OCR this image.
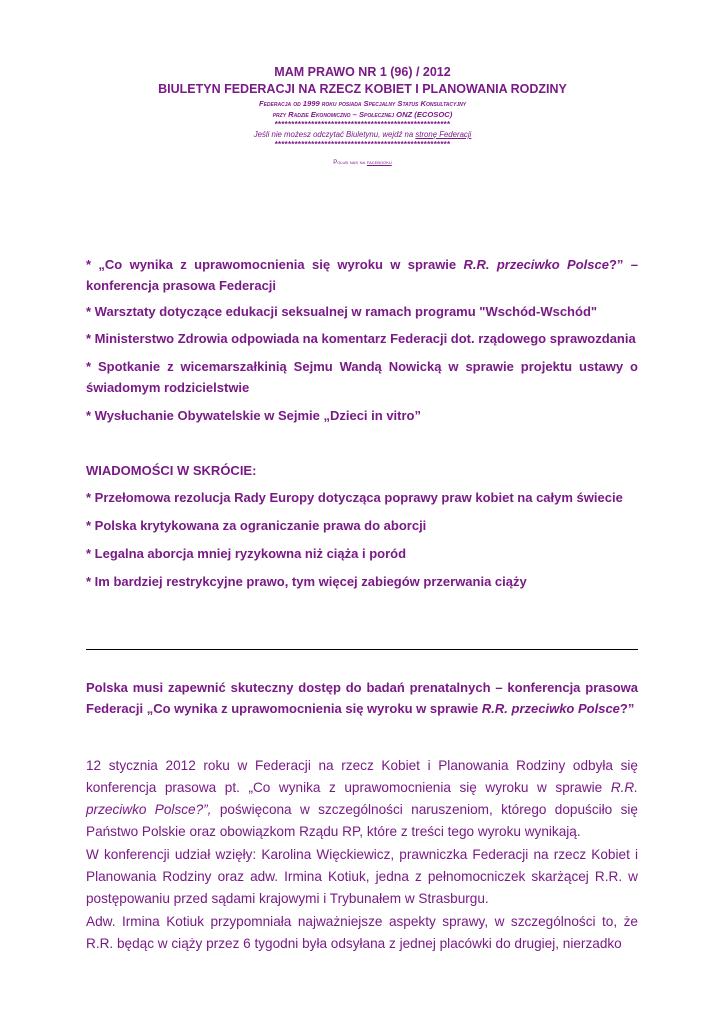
MAM PRAWO NR 1 (96) / 2012
BIULETYN FEDERACJI NA RZECZ KOBIET I PLANOWANIA RODZINY
Federacja od 1999 roku posiada Specjalny Status Konsultacyjny
przy Radzie Ekonomiczno – Społecznej ONZ (ECOSOC)
*****************************************************
Jeśli nie możesz odczytać Biuletynu, wejdź na stronę Federacji
*****************************************************
Polub nas na facebooku
* „Co wynika z uprawomocnienia się wyroku w sprawie R.R. przeciwko Polsce?” – konferencja prasowa Federacji
* Warsztaty dotyczące edukacji seksualnej w ramach programu "Wschód-Wschód"
* Ministerstwo Zdrowia odpowiada na komentarz Federacji dot. rządowego sprawozdania
* Spotkanie z wicemarszałkinią Sejmu Wandą Nowicką w sprawie projektu ustawy o świadomym rodzicielstwie
* Wysłuchanie Obywatelskie w Sejmie „Dzieci in vitro”
WIADOMOŚCI W SKRÓCIE:
* Przełomowa rezolucja Rady Europy dotycząca poprawy praw kobiet na całym świecie
* Polska krytykowana za ograniczanie prawa do aborcji
* Legalna aborcja mniej ryzykowna niż ciąża i poród
* Im bardziej restrykcyjne prawo, tym więcej zabiegów przerwania ciąży
Polska musi zapewnić skuteczny dostęp do badań prenatalnych – konferencja prasowa Federacji „Co wynika z uprawomocnienia się wyroku w sprawie R.R. przeciwko Polsce?”
12 stycznia 2012 roku w Federacji na rzecz Kobiet i Planowania Rodziny odbyła się konferencja prasowa pt. „Co wynika z uprawomocnienia się wyroku w sprawie R.R. przeciwko Polsce?”, poświęcona w szczególności naruszeniom, którego dopuściło się Państwo Polskie oraz obowiązkom Rządu RP, które z treści tego wyroku wynikają.
W konferencji udział wzięły: Karolina Więckiewicz, prawniczka Federacji na rzecz Kobiet i Planowania Rodziny oraz adw. Irmina Kotiuk, jedna z pełnomocniczek skarżącej R.R. w postępowaniu przed sądami krajowymi i Trybunałem w Strasburgu.
Adw. Irmina Kotiuk przypomniała najważniejsze aspekty sprawy, w szczególności to, że R.R. będąc w ciąży przez 6 tygodni była odsyłana z jednej placówki do drugiej, nierzadko
